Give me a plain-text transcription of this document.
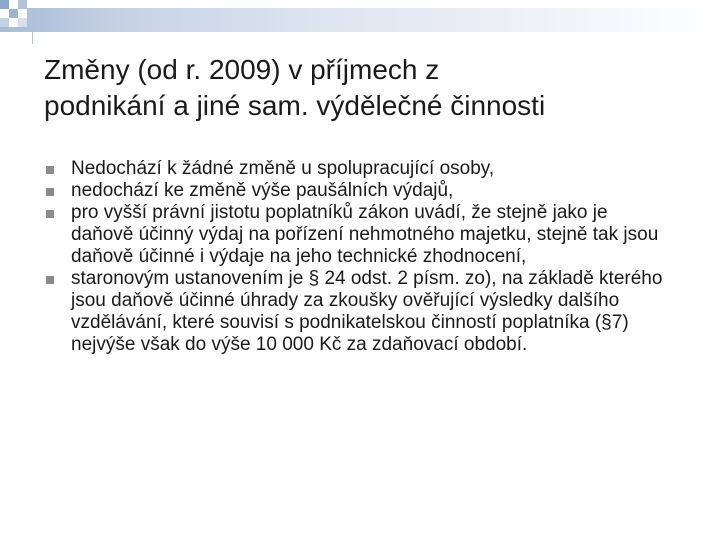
Změny (od r. 2009) v příjmech z
podnikání a jiné sam. výdělečné činnosti
Nedochází k žádné změně u spolupracující osoby,
nedochází ke změně výše paušálních výdajů,
pro vyšší právní jistotu poplatníků zákon uvádí, že stejně jako je daňově účinný výdaj na pořízení nehmotného majetku, stejně tak jsou daňově účinné i výdaje na jeho technické zhodnocení,
staronovým ustanovením je § 24 odst. 2 písm. zo), na základě kterého jsou daňově účinné úhrady za zkoušky ověřující výsledky dalšího vzdělávání, které souvisí s podnikatelskou činností poplatníka (§7) nejvýše však do výše 10 000 Kč za zdaňovací období.
